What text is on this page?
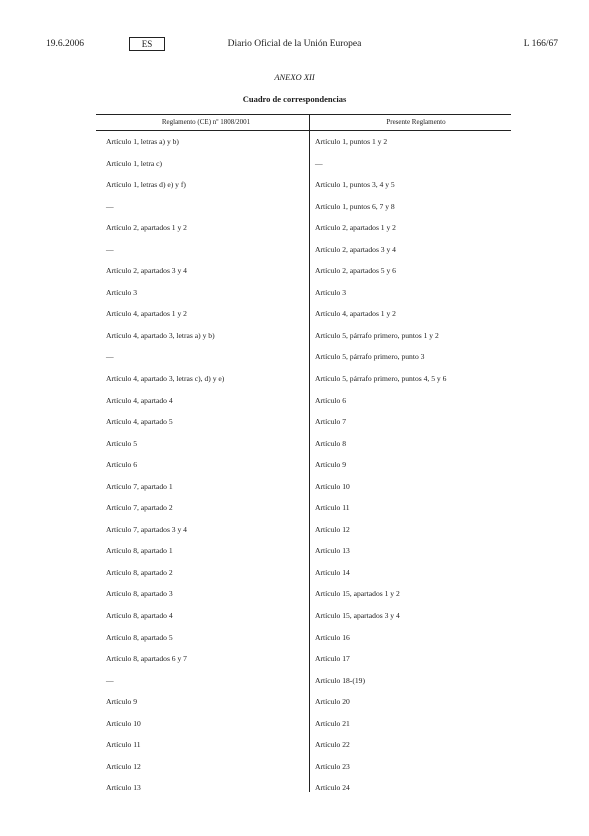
19.6.2006	ES	Diario Oficial de la Unión Europea	L 166/67
ANEXO XII
Cuadro de correspondencias
Reglamento (CE) nº 1808/2001	Presente Reglamento
Artículo 1, letras a) y b)	Artículo 1, puntos 1 y 2
Artículo 1, letra c)	—
Artículo 1, letras d) e) y f)	Artículo 1, puntos 3, 4 y 5
—	Artículo 1, puntos 6, 7 y 8
Artículo 2, apartados 1 y 2	Artículo 2, apartados 1 y 2
—	Artículo 2, apartados 3 y 4
Artículo 2, apartados 3 y 4	Artículo 2, apartados 5 y 6
Artículo 3	Artículo 3
Artículo 4, apartados 1 y 2	Artículo 4, apartados 1 y 2
Artículo 4, apartado 3, letras a) y b)	Artículo 5, párrafo primero, puntos 1 y 2
—	Artículo 5, párrafo primero, punto 3
Artículo 4, apartado 3, letras c), d) y e)	Artículo 5, párrafo primero, puntos 4, 5 y 6
Artículo 4, apartado 4	Artículo 6
Artículo 4, apartado 5	Artículo 7
Artículo 5	Artículo 8
Artículo 6	Artículo 9
Artículo 7, apartado 1	Artículo 10
Artículo 7, apartado 2	Artículo 11
Artículo 7, apartados 3 y 4	Artículo 12
Artículo 8, apartado 1	Artículo 13
Artículo 8, apartado 2	Artículo 14
Artículo 8, apartado 3	Artículo 15, apartados 1 y 2
Artículo 8, apartado 4	Artículo 15, apartados 3 y 4
Artículo 8, apartado 5	Artículo 16
Artículo 8, apartados 6 y 7	Artículo 17
—	Artículo 18-(19)
Artículo 9	Artículo 20
Artículo 10	Artículo 21
Artículo 11	Artículo 22
Artículo 12	Artículo 23
Artículo 13	Artículo 24
